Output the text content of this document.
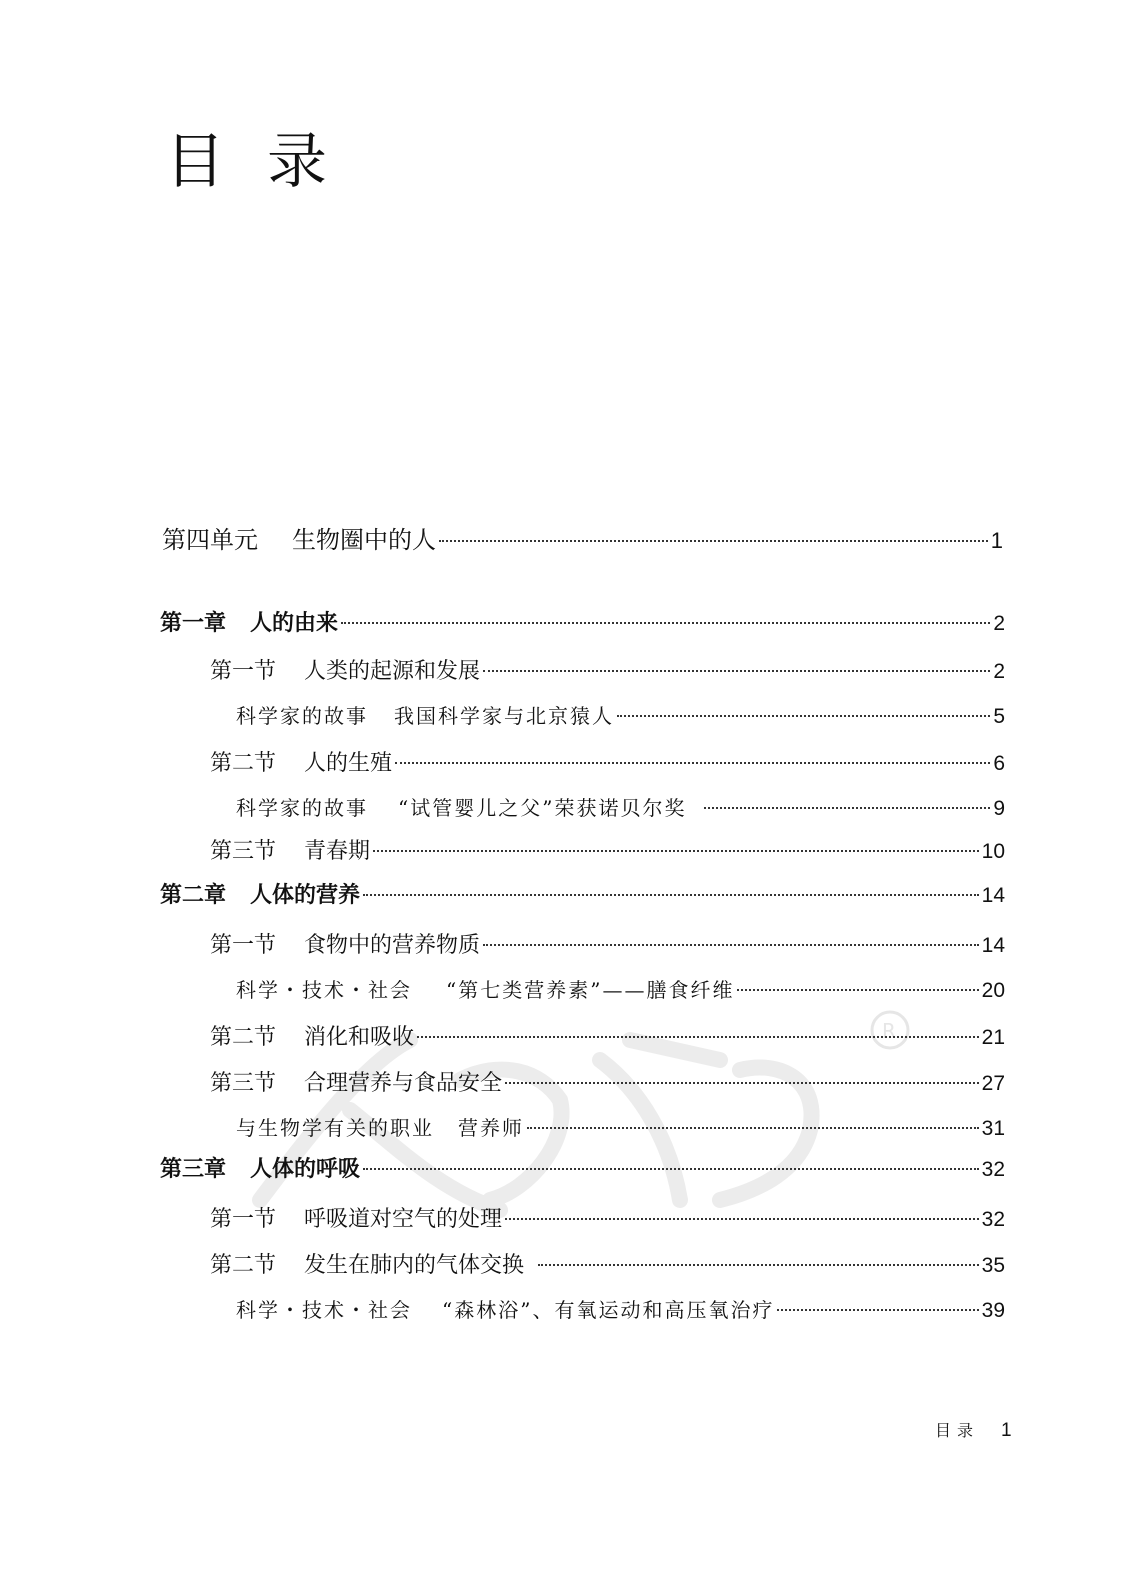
目 录
R
第四单元 生物圈中的人	1
第一章 人的由来	2
第一节 人类的起源和发展	2
科学家的故事 我国科学家与北京猿人	5
第二节 人的生殖	6
科学家的故事 “试管婴儿之父”荣获诺贝尔奖	9
第三节 青春期	10
第二章 人体的营养	14
第一节 食物中的营养物质	14
科学・技术・社会 “第七类营养素”——膳食纤维	20
第二节 消化和吸收	21
第三节 合理营养与食品安全	27
与生物学有关的职业 营养师	31
第三章 人体的呼吸	32
第一节 呼吸道对空气的处理	32
第二节 发生在肺内的气体交换	35
科学・技术・社会 “森林浴”、有氧运动和高压氧治疗	39
目录 1
